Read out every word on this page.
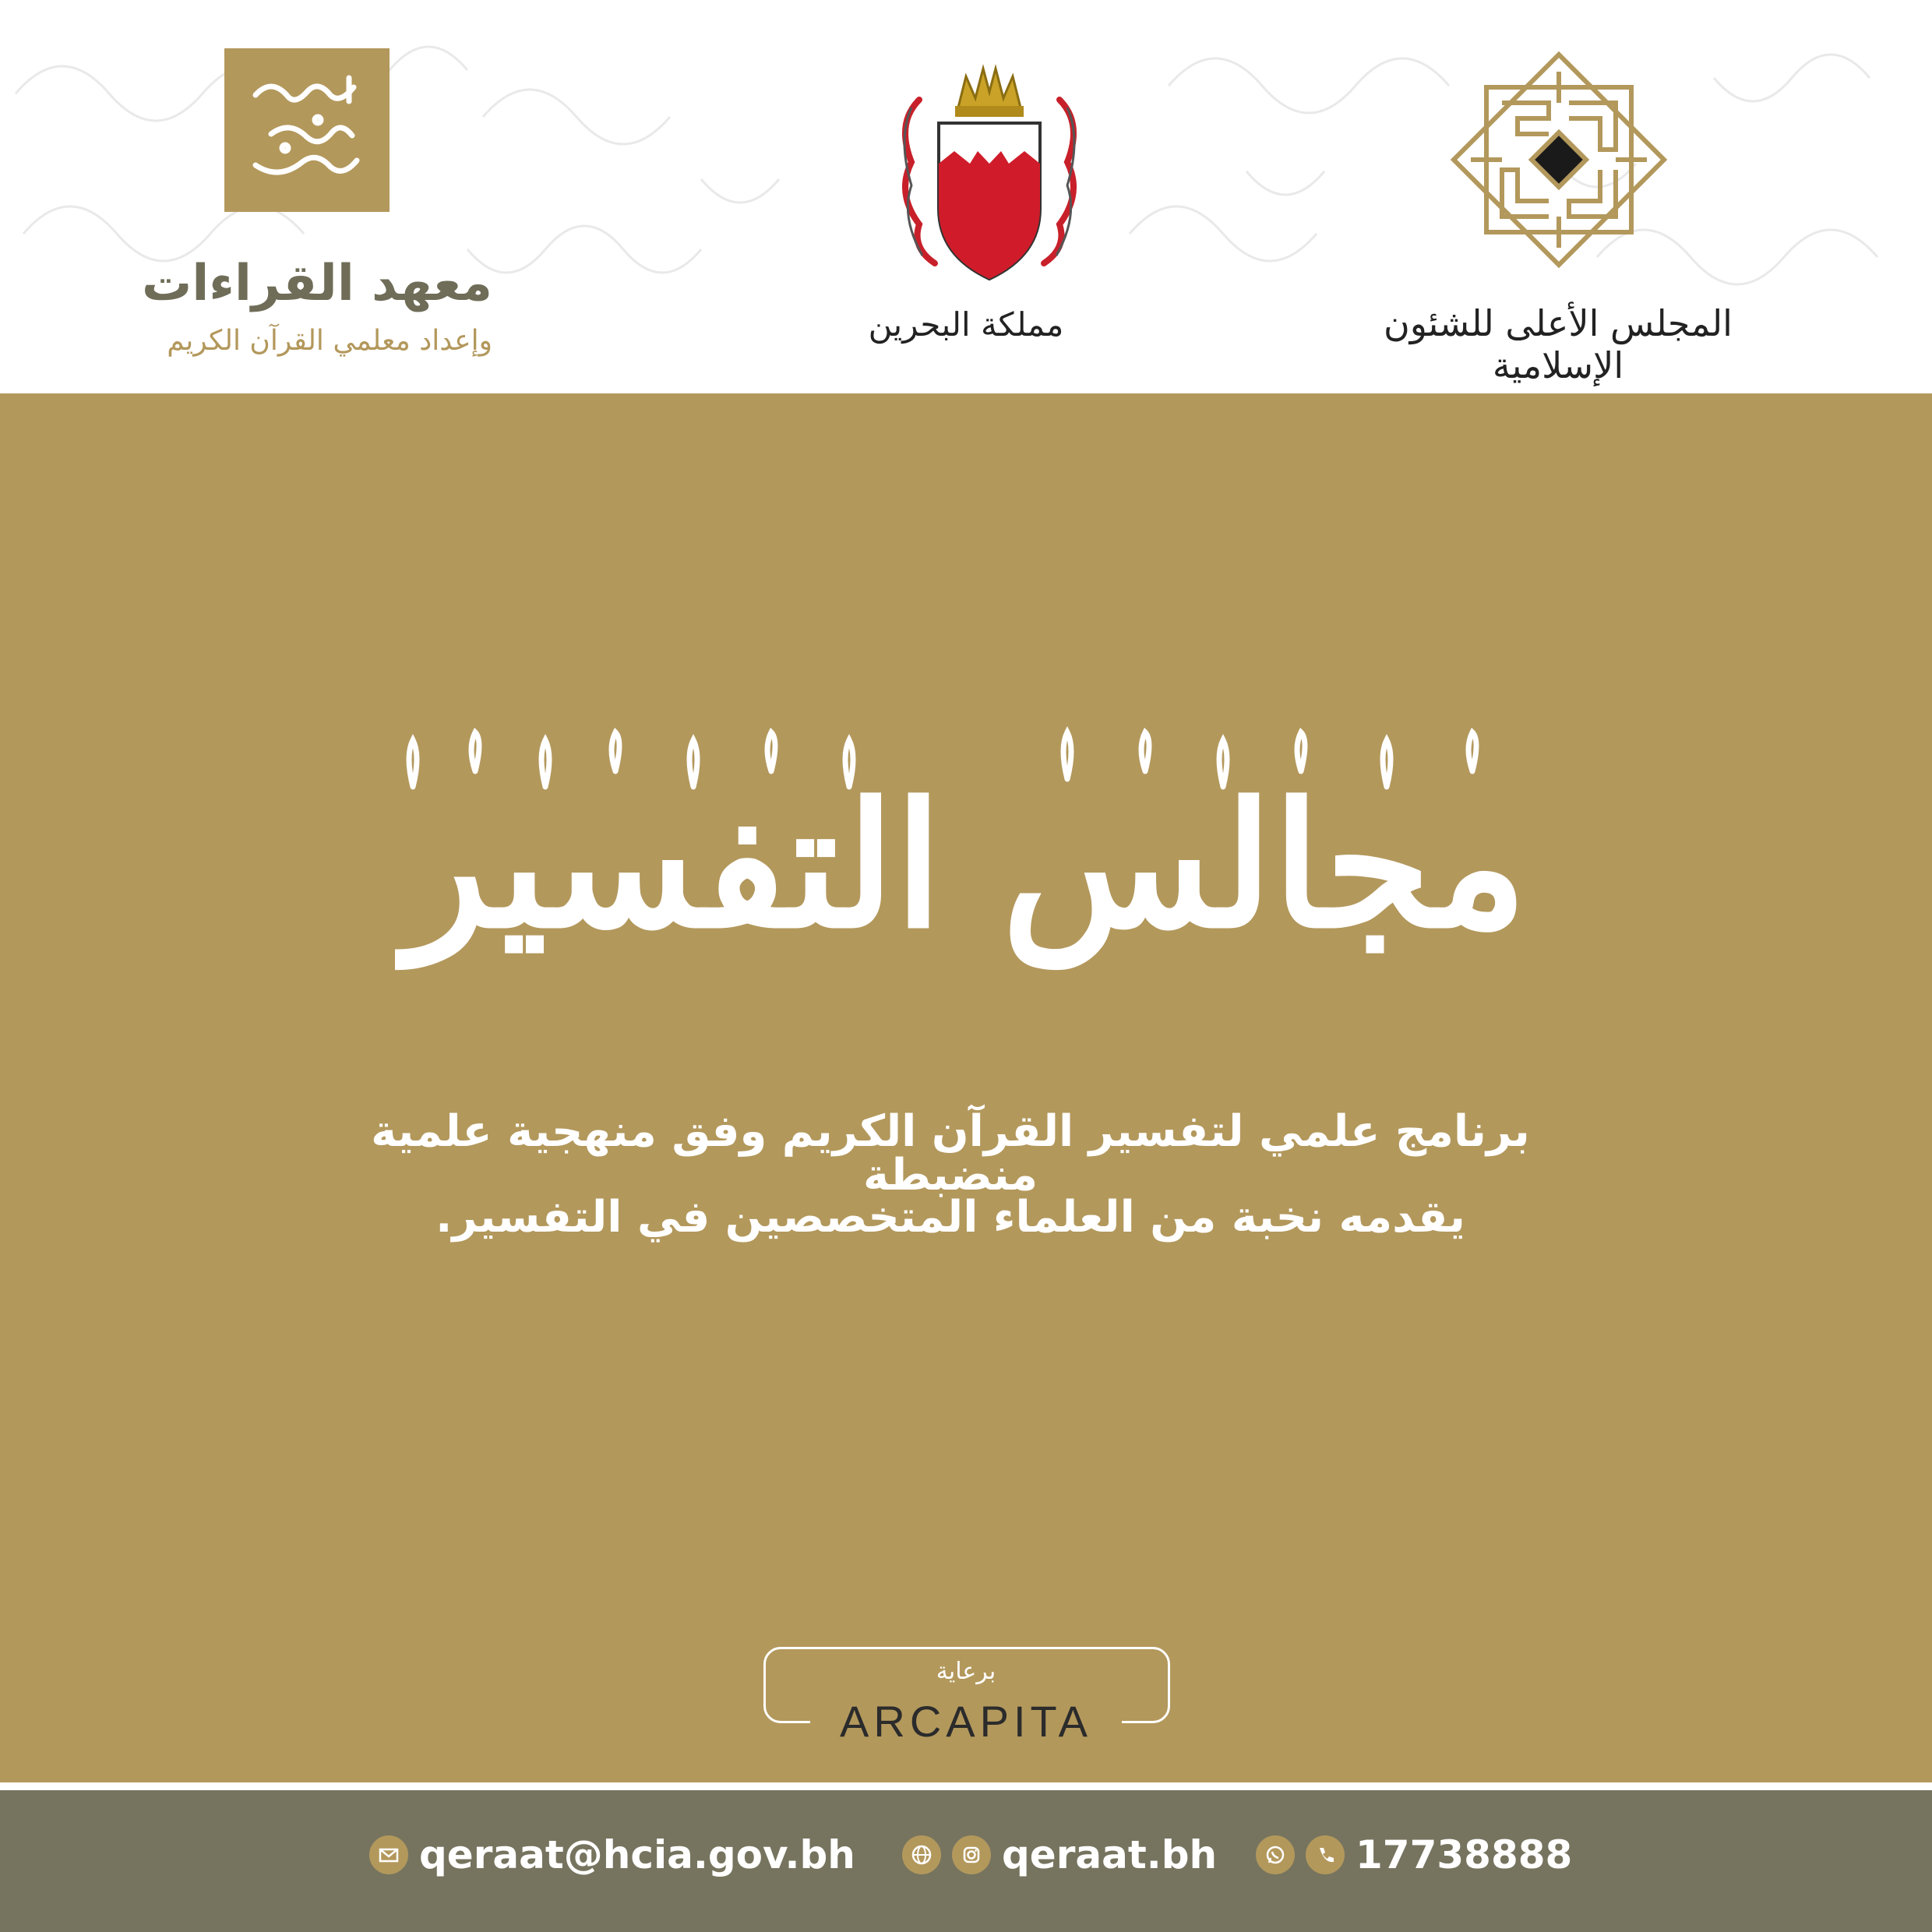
معهد القراءات
وإعداد معلمي القرآن الكريم	مملكة البحرين	المجلس الأعلى للشئون الإسلامية
مجالس التفسير
برنامج علمي لتفسير القرآن الكريم وفق منهجية علمية منضبطة
يقدمه نخبة من العلماء المتخصصين في التفسير.
برعاية
ARCAPITA
qeraat@hcia.gov.bh	qeraat.bh	17738888
